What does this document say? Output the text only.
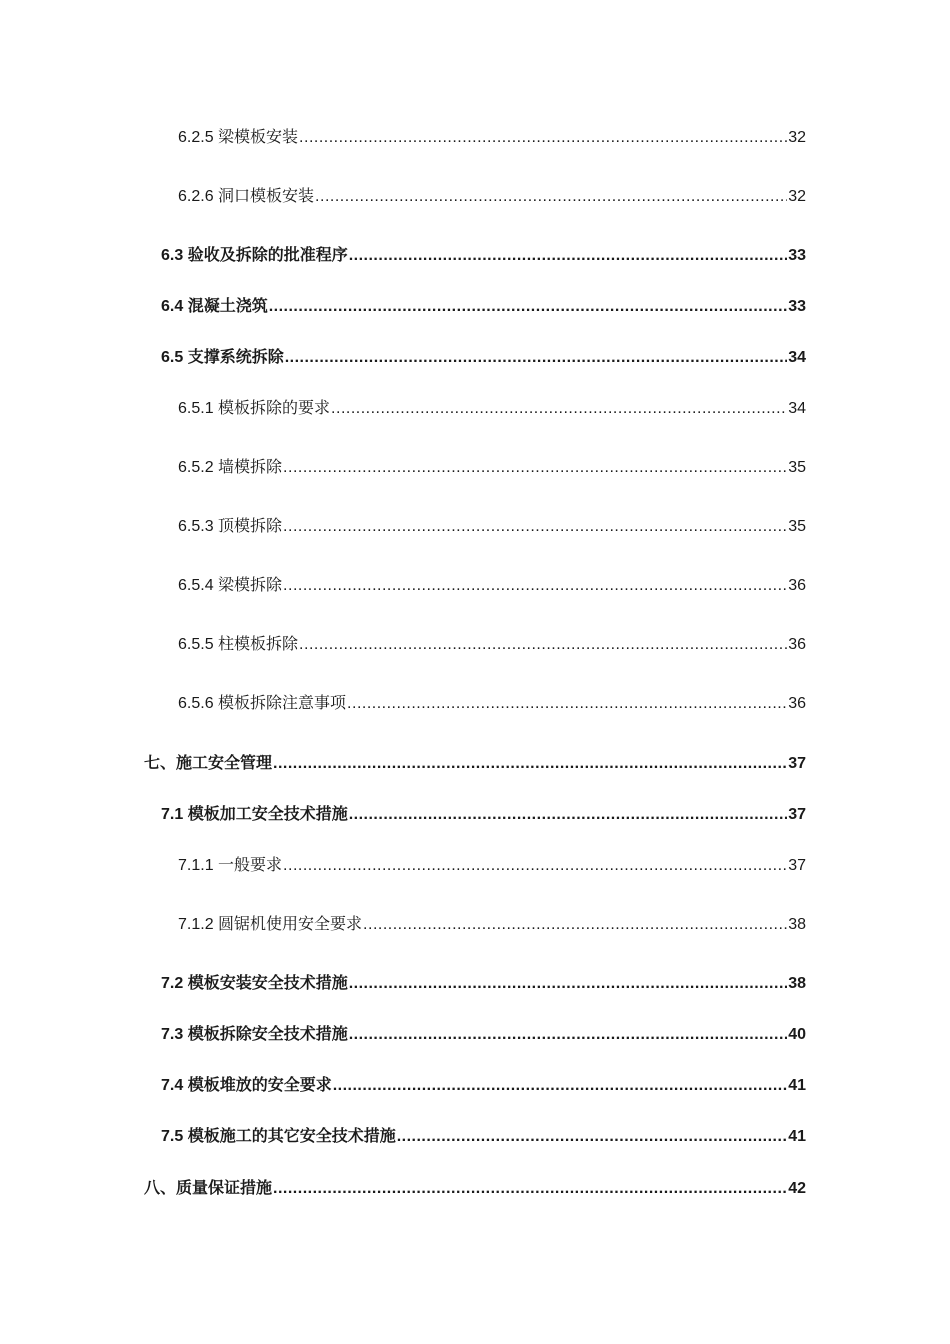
6.2.5 梁模板安装 .....	32
6.2.6 洞口模板安装 .....	32
6.3 验收及拆除的批准程序 .....	33
6.4 混凝土浇筑 .....	33
6.5 支撑系统拆除 .....	34
6.5.1 模板拆除的要求 .....	34
6.5.2 墙模拆除 .....	35
6.5.3 顶模拆除 .....	35
6.5.4 梁模拆除 .....	36
6.5.5 柱模板拆除 .....	36
6.5.6 模板拆除注意事项 .....	36
七、施工安全管理 .....	37
7.1 模板加工安全技术措施 .....	37
7.1.1 一般要求 .....	37
7.1.2 圆锯机使用安全要求 .....	38
7.2 模板安装安全技术措施 .....	38
7.3 模板拆除安全技术措施 .....	40
7.4 模板堆放的安全要求 .....	41
7.5 模板施工的其它安全技术措施 .....	41
八、质量保证措施 .....	42
